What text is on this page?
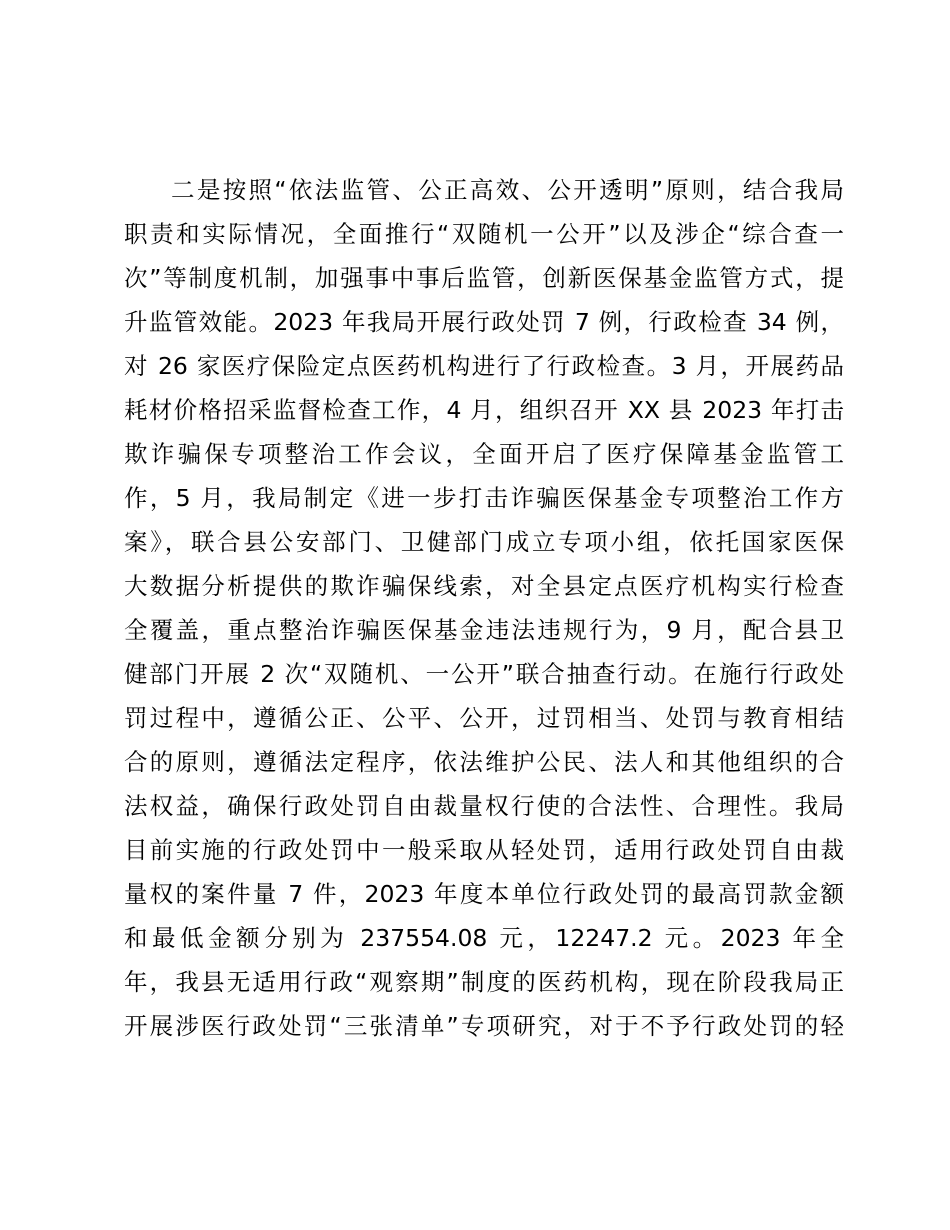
二是按照“依法监管、公正高效、公开透明”原则，结合我局
职责和实际情况，全面推行“双随机一公开”以及涉企“综合查一
次”等制度机制，加强事中事后监管，创新医保基金监管方式，提
升监管效能。2023 年我局开展行政处罚 7 例，行政检查 34 例，
对 26 家医疗保险定点医药机构进行了行政检查。3 月，开展药品
耗材价格招采监督检查工作，4 月，组织召开 XX 县 2023 年打击
欺诈骗保专项整治工作会议，全面开启了医疗保障基金监管工
作，5 月，我局制定《进一步打击诈骗医保基金专项整治工作方
案》，联合县公安部门、卫健部门成立专项小组，依托国家医保
大数据分析提供的欺诈骗保线索，对全县定点医疗机构实行检查
全覆盖，重点整治诈骗医保基金违法违规行为，9 月，配合县卫
健部门开展 2 次“双随机、一公开”联合抽查行动。在施行行政处
罚过程中，遵循公正、公平、公开，过罚相当、处罚与教育相结
合的原则，遵循法定程序，依法维护公民、法人和其他组织的合
法权益，确保行政处罚自由裁量权行使的合法性、合理性。我局
目前实施的行政处罚中一般采取从轻处罚，适用行政处罚自由裁
量权的案件量 7 件，2023 年度本单位行政处罚的最高罚款金额
和最低金额分别为 237554.08 元，12247.2 元。2023 年全
年，我县无适用行政“观察期”制度的医药机构，现在阶段我局正
开展涉医行政处罚“三张清单”专项研究，对于不予行政处罚的轻
